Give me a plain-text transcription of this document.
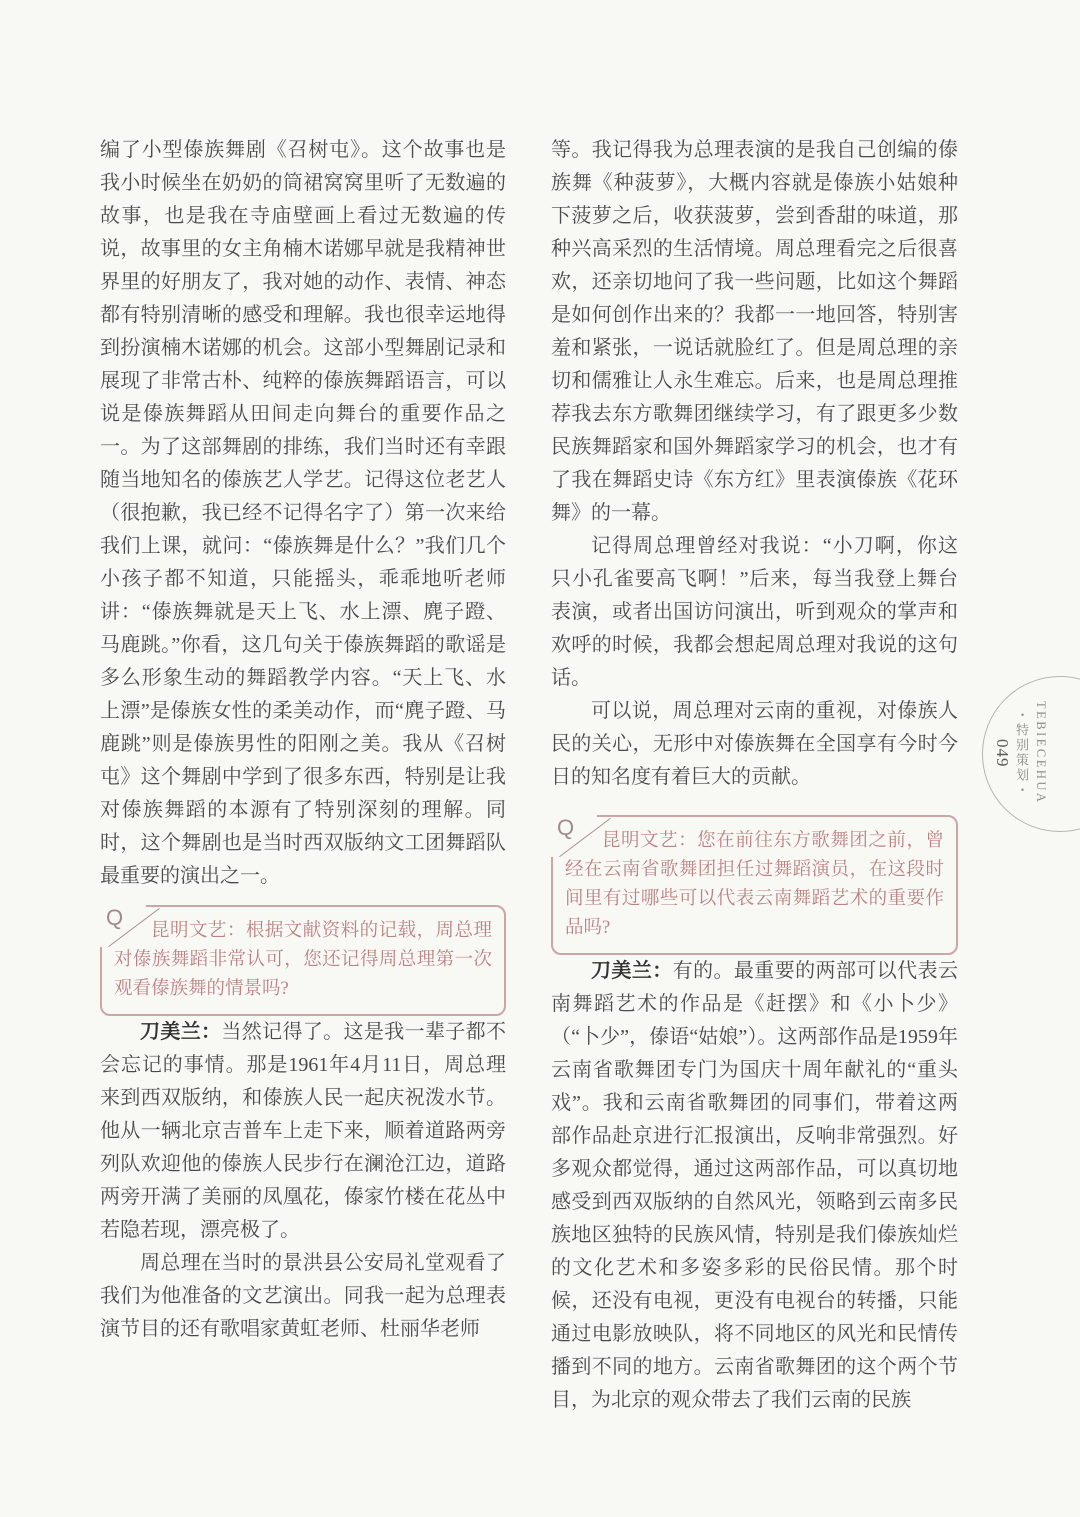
编了小型傣族舞剧《召树屯》。这个故事也是我小时候坐在奶奶的筒裙窝窝里听了无数遍的故事，也是我在寺庙壁画上看过无数遍的传说，故事里的女主角楠木诺娜早就是我精神世界里的好朋友了，我对她的动作、表情、神态都有特别清晰的感受和理解。我也很幸运地得到扮演楠木诺娜的机会。这部小型舞剧记录和展现了非常古朴、纯粹的傣族舞蹈语言，可以说是傣族舞蹈从田间走向舞台的重要作品之一。为了这部舞剧的排练，我们当时还有幸跟随当地知名的傣族艺人学艺。记得这位老艺人（很抱歉，我已经不记得名字了）第一次来给我们上课，就问：“傣族舞是什么？”我们几个小孩子都不知道，只能摇头，乖乖地听老师讲：“傣族舞就是天上飞、水上漂、麂子蹬、马鹿跳。”你看，这几句关于傣族舞蹈的歌谣是多么形象生动的舞蹈教学内容。“天上飞、水上漂”是傣族女性的柔美动作，而“麂子蹬、马鹿跳”则是傣族男性的阳刚之美。我从《召树屯》这个舞剧中学到了很多东西，特别是让我对傣族舞蹈的本源有了特别深刻的理解。同时，这个舞剧也是当时西双版纳文工团舞蹈队最重要的演出之一。

Q

昆明文艺：根据文献资料的记载，周总理对傣族舞蹈非常认可，您还记得周总理第一次观看傣族舞的情景吗?

刀美兰：当然记得了。这是我一辈子都不会忘记的事情。那是1961年4月11日，周总理来到西双版纳，和傣族人民一起庆祝泼水节。他从一辆北京吉普车上走下来，顺着道路两旁列队欢迎他的傣族人民步行在澜沧江边，道路两旁开满了美丽的凤凰花，傣家竹楼在花丛中若隐若现，漂亮极了。

周总理在当时的景洪县公安局礼堂观看了我们为他准备的文艺演出。同我一起为总理表演节目的还有歌唱家黄虹老师、杜丽华老师

等。我记得我为总理表演的是我自己创编的傣族舞《种菠萝》，大概内容就是傣族小姑娘种下菠萝之后，收获菠萝，尝到香甜的味道，那种兴高采烈的生活情境。周总理看完之后很喜欢，还亲切地问了我一些问题，比如这个舞蹈是如何创作出来的？我都一一地回答，特别害羞和紧张，一说话就脸红了。但是周总理的亲切和儒雅让人永生难忘。后来，也是周总理推荐我去东方歌舞团继续学习，有了跟更多少数民族舞蹈家和国外舞蹈家学习的机会，也才有了我在舞蹈史诗《东方红》里表演傣族《花环舞》的一幕。

记得周总理曾经对我说：“小刀啊，你这只小孔雀要高飞啊！”后来，每当我登上舞台表演，或者出国访问演出，听到观众的掌声和欢呼的时候，我都会想起周总理对我说的这句话。

可以说，周总理对云南的重视，对傣族人民的关心，无形中对傣族舞在全国享有今时今日的知名度有着巨大的贡献。

Q

昆明文艺：您在前往东方歌舞团之前，曾经在云南省歌舞团担任过舞蹈演员，在这段时间里有过哪些可以代表云南舞蹈艺术的重要作品吗?

刀美兰：有的。最重要的两部可以代表云南舞蹈艺术的作品是《赶摆》和《小卜少》（“卜少”，傣语“姑娘”）。这两部作品是1959年云南省歌舞团专门为国庆十周年献礼的“重头戏”。我和云南省歌舞团的同事们，带着这两部作品赴京进行汇报演出，反响非常强烈。好多观众都觉得，通过这两部作品，可以真切地感受到西双版纳的自然风光，领略到云南多民族地区独特的民族风情，特别是我们傣族灿烂的文化艺术和多姿多彩的民俗民情。那个时候，还没有电视，更没有电视台的转播，只能通过电影放映队，将不同地区的风光和民情传播到不同的地方。云南省歌舞团的这个两个节目，为北京的观众带去了我们云南的民族

TEBIECEHUA
・特别策划・
049
